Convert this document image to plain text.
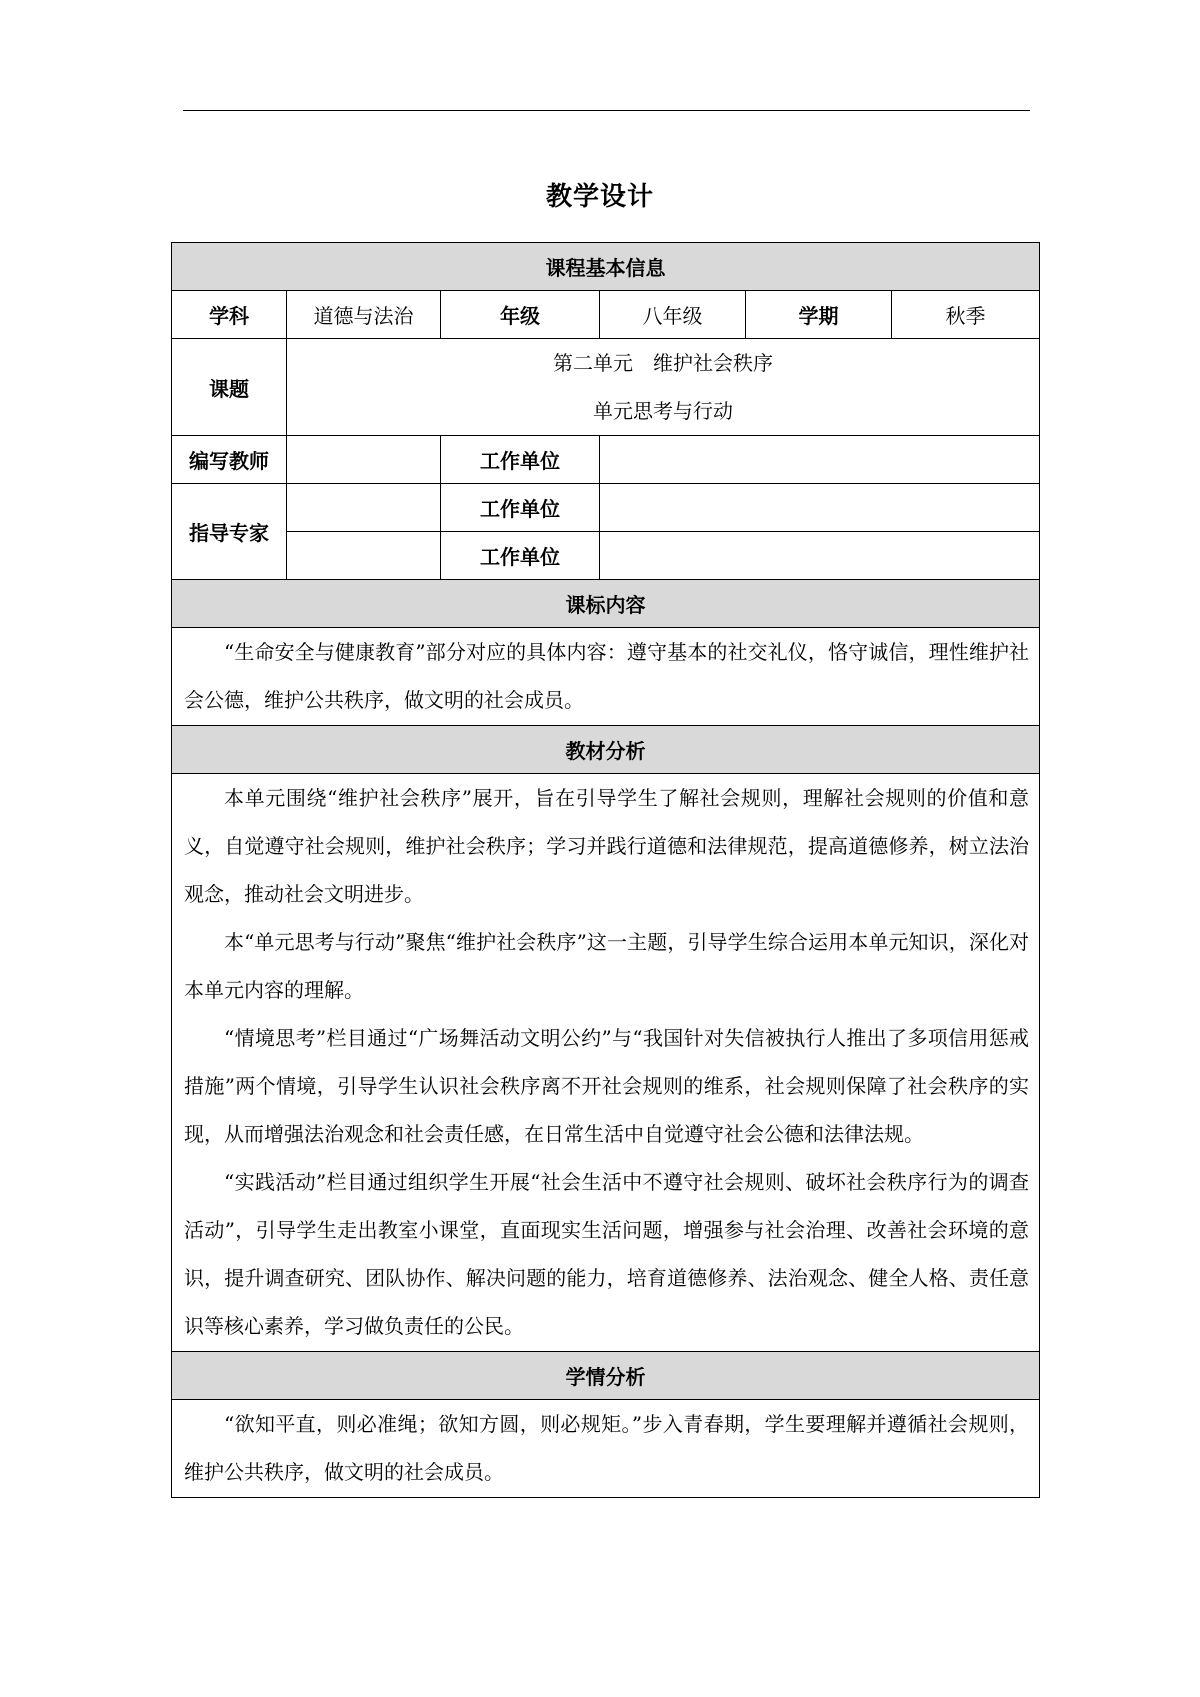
教学设计
课程基本信息					
学科	道德与法治	年级	八年级	学期	秋季
课题	第二单元　维护社会秩序
单元思考与行动				

编写教师		工作单位			
指导专家		工作单位			
		工作单位			
课标内容					

“生命安全与健康教育”部分对应的具体内容：遵守基本的社交礼仪，恪守诚信，理性维护社会公德，维护公共秩序，做文明的社会成员。					

教材分析					

本单元围绕“维护社会秩序”展开，旨在引导学生了解社会规则，理解社会规则的价值和意义，自觉遵守社会规则，维护社会秩序；学习并践行道德和法律规范，提高道德修养，树立法治观念，推动社会文明进步。
本“单元思考与行动”聚焦“维护社会秩序”这一主题，引导学生综合运用本单元知识，深化对本单元内容的理解。
“情境思考”栏目通过“广场舞活动文明公约”与“我国针对失信被执行人推出了多项信用惩戒措施”两个情境，引导学生认识社会秩序离不开社会规则的维系，社会规则保障了社会秩序的实现，从而增强法治观念和社会责任感，在日常生活中自觉遵守社会公德和法律法规。
“实践活动”栏目通过组织学生开展“社会生活中不遵守社会规则、破坏社会秩序行为的调查活动”，引导学生走出教室小课堂，直面现实生活问题，增强参与社会治理、改善社会环境的意识，提升调查研究、团队协作、解决问题的能力，培育道德修养、法治观念、健全人格、责任意识等核心素养，学习做负责任的公民。					

学情分析					

“欲知平直，则必准绳；欲知方圆，则必规矩。”步入青春期，学生要理解并遵循社会规则，维护公共秩序，做文明的社会成员。					
